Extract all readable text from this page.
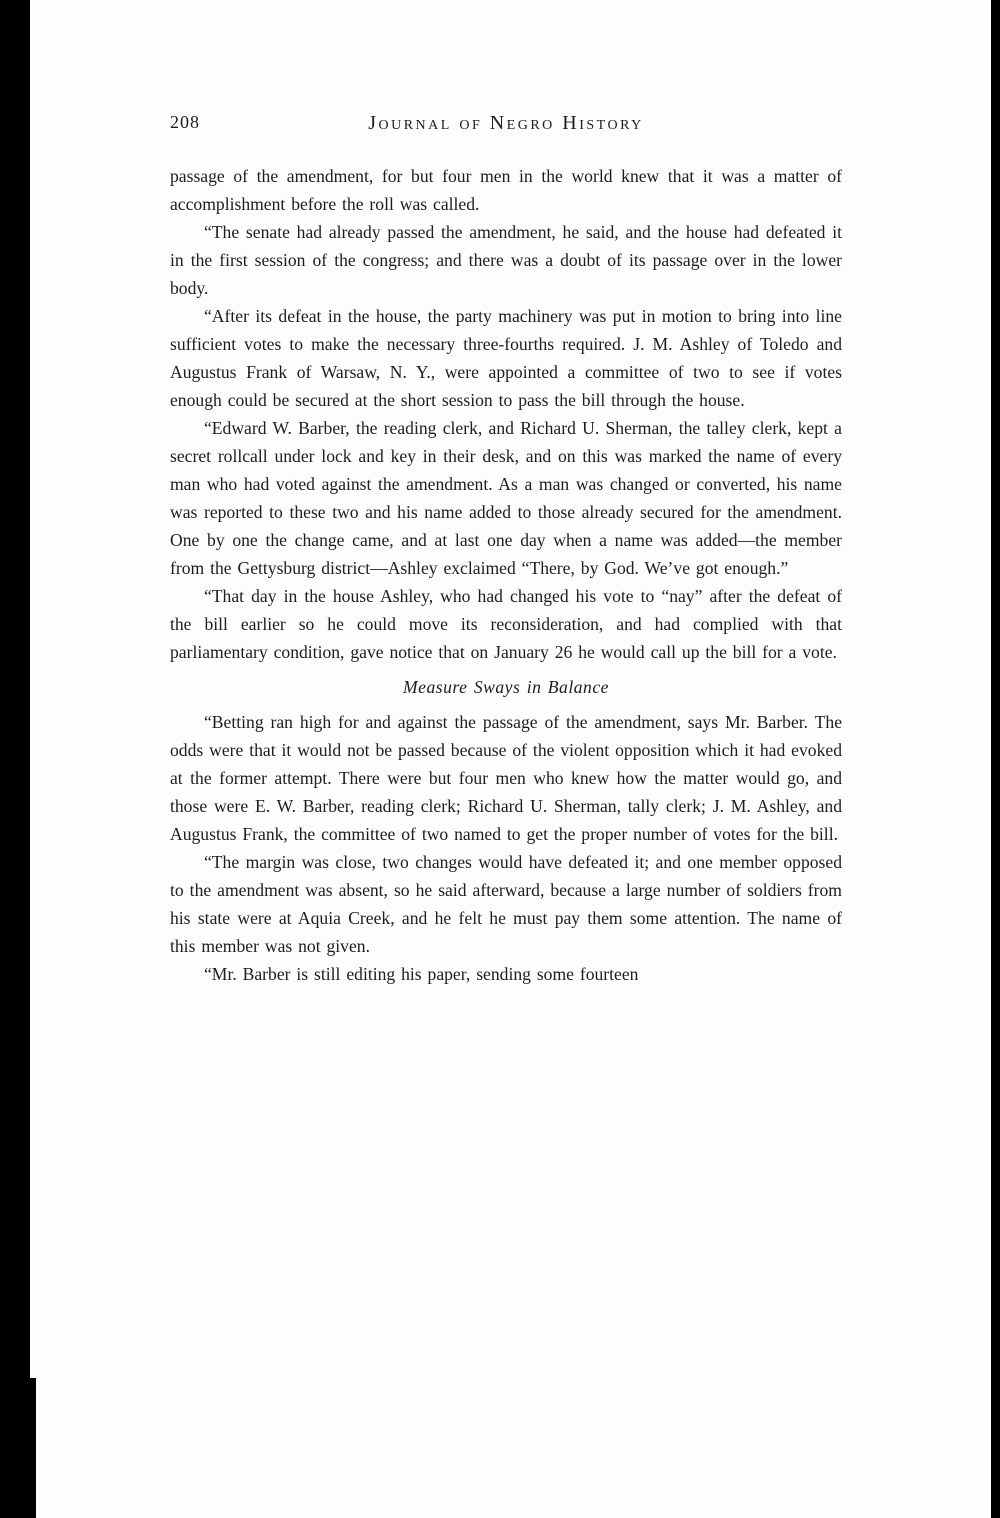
208	Journal of Negro History

passage of the amendment, for but four men in the world knew that it was a matter of accomplishment before the roll was called.

“The senate had already passed the amendment, he said, and the house had defeated it in the first session of the congress; and there was a doubt of its passage over in the lower body.

“After its defeat in the house, the party machinery was put in motion to bring into line sufficient votes to make the necessary three-fourths required. J. M. Ashley of Toledo and Augustus Frank of Warsaw, N. Y., were appointed a committee of two to see if votes enough could be secured at the short session to pass the bill through the house.

“Edward W. Barber, the reading clerk, and Richard U. Sherman, the talley clerk, kept a secret rollcall under lock and key in their desk, and on this was marked the name of every man who had voted against the amendment. As a man was changed or converted, his name was reported to these two and his name added to those already secured for the amendment. One by one the change came, and at last one day when a name was added—the member from the Gettysburg district—Ashley exclaimed “There, by God. We’ve got enough.”

“That day in the house Ashley, who had changed his vote to “nay” after the defeat of the bill earlier so he could move its reconsideration, and had complied with that parliamentary condition, gave notice that on January 26 he would call up the bill for a vote.

Measure Sways in Balance

“Betting ran high for and against the passage of the amendment, says Mr. Barber. The odds were that it would not be passed because of the violent opposition which it had evoked at the former attempt. There were but four men who knew how the matter would go, and those were E. W. Barber, reading clerk; Richard U. Sherman, tally clerk; J. M. Ashley, and Augustus Frank, the committee of two named to get the proper number of votes for the bill.

“The margin was close, two changes would have defeated it; and one member opposed to the amendment was absent, so he said afterward, because a large number of soldiers from his state were at Aquia Creek, and he felt he must pay them some attention. The name of this member was not given.

“Mr. Barber is still editing his paper, sending some fourteen
